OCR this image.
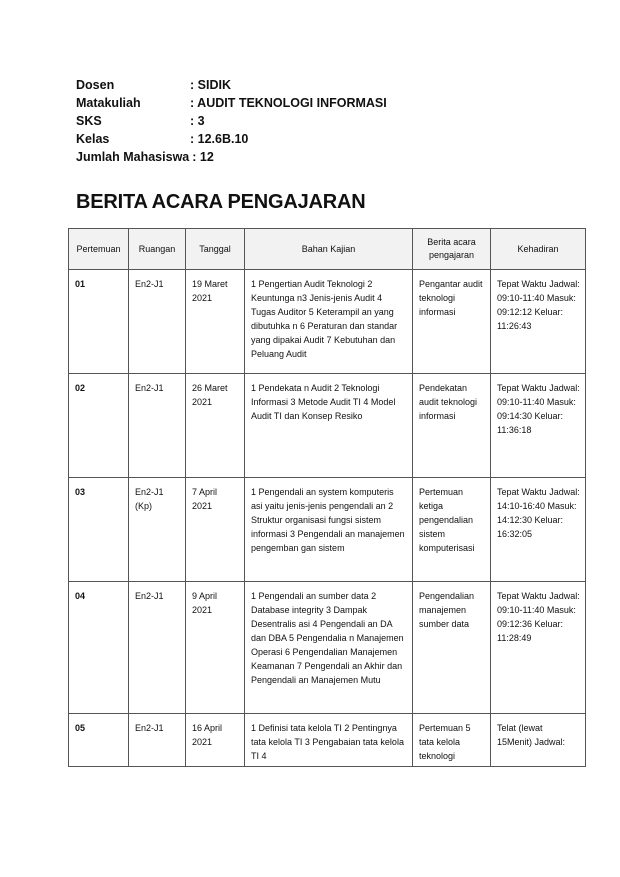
Dosen	: SIDIK
Matakuliah	: AUDIT TEKNOLOGI INFORMASI
SKS	: 3
Kelas	: 12.6B.10
Jumlah Mahasiswa : 12
BERITA ACARA PENGAJARAN
Pertemuan	Ruangan	Tanggal	Bahan Kajian	Berita acara pengajaran	Kehadiran
01	En2-J1	19 Maret 2021	1 Pengertian Audit Teknologi 2 Keuntunga n3 Jenis-jenis Audit 4 Tugas Auditor 5 Keterampil an yang dibutuhka n 6 Peraturan dan standar yang dipakai Audit 7 Kebutuhan dan Peluang Audit	Pengantar audit teknologi informasi	Tepat Waktu Jadwal: 09:10-11:40 Masuk: 09:12:12 Keluar: 11:26:43
02	En2-J1	26 Maret 2021	1 Pendekata n Audit 2 Teknologi Informasi 3 Metode Audit TI 4 Model Audit TI dan Konsep Resiko	Pendekatan audit teknologi informasi	Tepat Waktu Jadwal: 09:10-11:40 Masuk: 09:14:30 Keluar: 11:36:18
03	En2-J1 (Kp)	7 April 2021	1 Pengendali an system komputeris asi yaitu jenis-jenis pengendali an 2 Struktur organisasi fungsi sistem informasi 3 Pengendali an manajemen pengemban gan sistem	Pertemuan ketiga pengendalian sistem komputerisasi	Tepat Waktu Jadwal: 14:10-16:40 Masuk: 14:12:30 Keluar: 16:32:05
04	En2-J1	9 April 2021	1 Pengendali an sumber data 2 Database integrity 3 Dampak Desentralis asi 4 Pengendali an DA dan DBA 5 Pengendalia n Manajemen Operasi 6 Pengendalian Manajemen Keamanan 7 Pengendali an Akhir dan Pengendali an Manajemen Mutu	Pengendalian manajemen sumber data	Tepat Waktu Jadwal: 09:10-11:40 Masuk: 09:12:36 Keluar: 11:28:49
05	En2-J1	16 April 2021	1 Definisi tata kelola TI 2 Pentingnya tata kelola TI 3 Pengabaian tata kelola TI 4	Pertemuan 5 tata kelola teknologi	Telat (lewat 15Menit) Jadwal:
